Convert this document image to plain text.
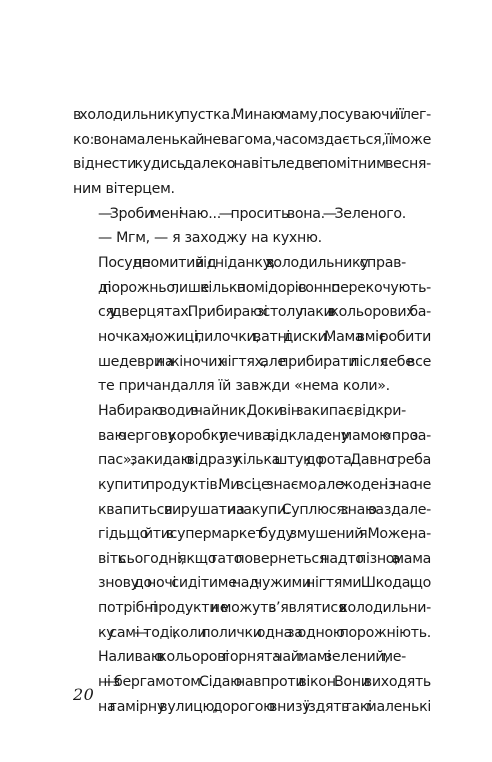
в холодильнику пустка. Минаю маму, посуваючи її лег-
ко: вона маленька й невагома, часом здається, її може
віднести кудись далеко навіть ледве помітним весня-
ним вітерцем.

— Зроби мені чаю... — просить вона. — Зеленого.

— Мгм, — я заходжу на кухню.

Посуд не помитий від сніданку, в холодильнику справ-
ді порожньо, лише кілька помідорів сонно перекочують-
ся у дверцятах. Прибираю зі столу лаки в кольорових ба-
ночках, ножиці, пилочки, ватні диски. Мама вміє робити
шедеври на жіночих нігтях, але прибирати після себе все
те причандалля їй завжди «нема коли».

Набираю води в чайник. Доки він закипає, відкри-
ваю чергову коробку печива, відкладену мамою «про за-
пас», закидаю відразу кілька штук до рота. Давно треба
купити продуктів. Ми всі це знаємо, але жоден із нас не
квапиться вирушати на закупи. Суплюся: знаю заздале-
гідь, що йти в супермаркет буду змушений я. Може, на-
віть сьогодні, якщо тато повернеться надто пізно, а мама
знову до ночі сидітиме над чужими нігтями. Шкода, що
потрібні продукти не можуть з’являтися в холодильни-
ку самі — тоді, коли полички одна за одною порожніють.

Наливаю в кольорові горнята чай: мамі зелений, ме-
ні — з бергамотом. Сідаю навпроти вікон. Вони виходять
на гамірну вулицю, дорогою внизу їздять такі маленькі

20
